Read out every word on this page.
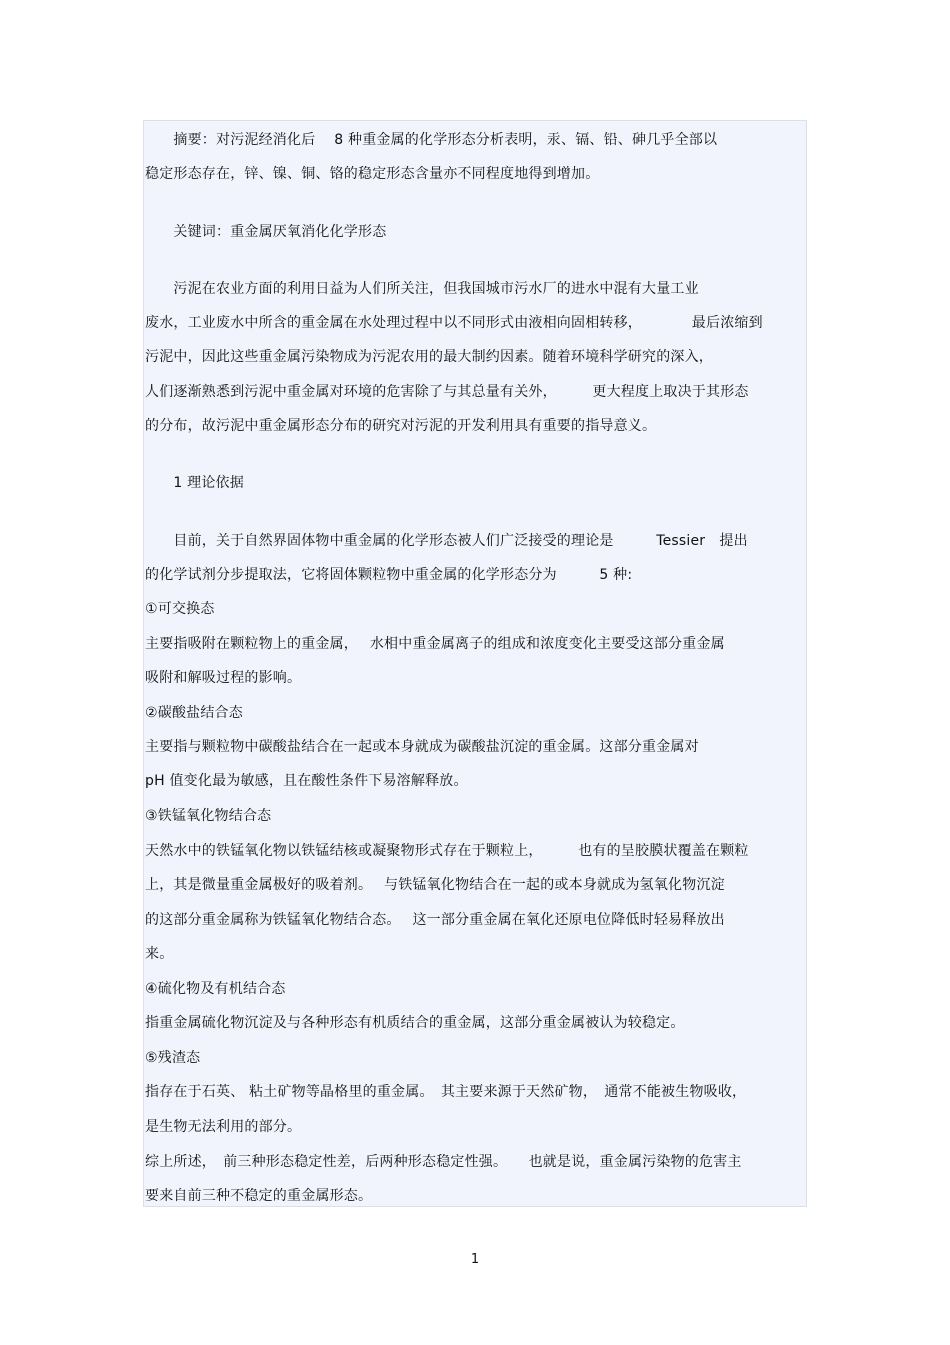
　　摘要：对污泥经消化后　 8 种重金属的化学形态分析表明，汞、镉、铅、砷几乎全部以
稳定形态存在，锌、镍、铜、铬的稳定形态含量亦不同程度地得到增加。
　　关键词：重金属厌氧消化化学形态
　　污泥在农业方面的利用日益为人们所关注，但我国城市污水厂的进水中混有大量工业
废水，工业废水中所含的重金属在水处理过程中以不同形式由液相向固相转移，　　　　最后浓缩到
污泥中，因此这些重金属污染物成为污泥农用的最大制约因素。随着环境科学研究的深入，
人们逐渐熟悉到污泥中重金属对环境的危害除了与其总量有关外，　　　更大程度上取决于其形态
的分布，故污泥中重金属形态分布的研究对污泥的开发利用具有重要的指导意义。
　　1 理论依据
　　目前，关于自然界固体物中重金属的化学形态被人们广泛接受的理论是　　　Tessier　提出
的化学试剂分步提取法，它将固体颗粒物中重金属的化学形态分为　　　5 种:
①可交换态
主要指吸附在颗粒物上的重金属，　 水相中重金属离子的组成和浓度变化主要受这部分重金属
吸附和解吸过程的影响。
②碳酸盐结合态
主要指与颗粒物中碳酸盐结合在一起或本身就成为碳酸盐沉淀的重金属。这部分重金属对
pH 值变化最为敏感，且在酸性条件下易溶解释放。
③铁锰氧化物结合态
天然水中的铁锰氧化物以铁锰结核或凝聚物形式存在于颗粒上，　　　也有的呈胶膜状覆盖在颗粒
上，其是微量重金属极好的吸着剂。　 与铁锰氧化物结合在一起的或本身就成为氢氧化物沉淀
的这部分重金属称为铁锰氧化物结合态。　 这一部分重金属在氧化还原电位降低时轻易释放出
来。
④硫化物及有机结合态
指重金属硫化物沉淀及与各种形态有机质结合的重金属，这部分重金属被认为较稳定。
⑤残渣态
指存在于石英、 粘土矿物等晶格里的重金属。　其主要来源于天然矿物，　通常不能被生物吸收，
是生物无法利用的部分。
综上所述，　前三种形态稳定性差，后两种形态稳定性强。　　也就是说，重金属污染物的危害主
要来自前三种不稳定的重金属形态。
1
